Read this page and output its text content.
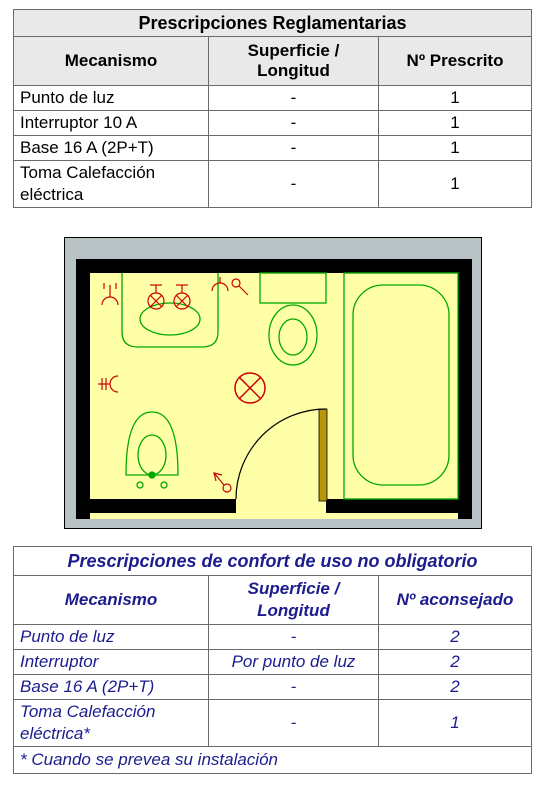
Prescripciones Reglamentarias		
Mecanismo	Superficie / Longitud	Nº Prescrito
Punto de luz	-	1
Interruptor 10 A	-	1
Base 16 A (2P+T)	-	1
Toma Calefacción eléctrica	-	1
Prescripciones de confort de uso no obligatorio		
Mecanismo	Superficie / Longitud	Nº aconsejado
Punto de luz	-	2
Interruptor	Por punto de luz	2
Base 16 A (2P+T)	-	2
Toma Calefacción eléctrica*	-	1
* Cuando se prevea su instalación		
